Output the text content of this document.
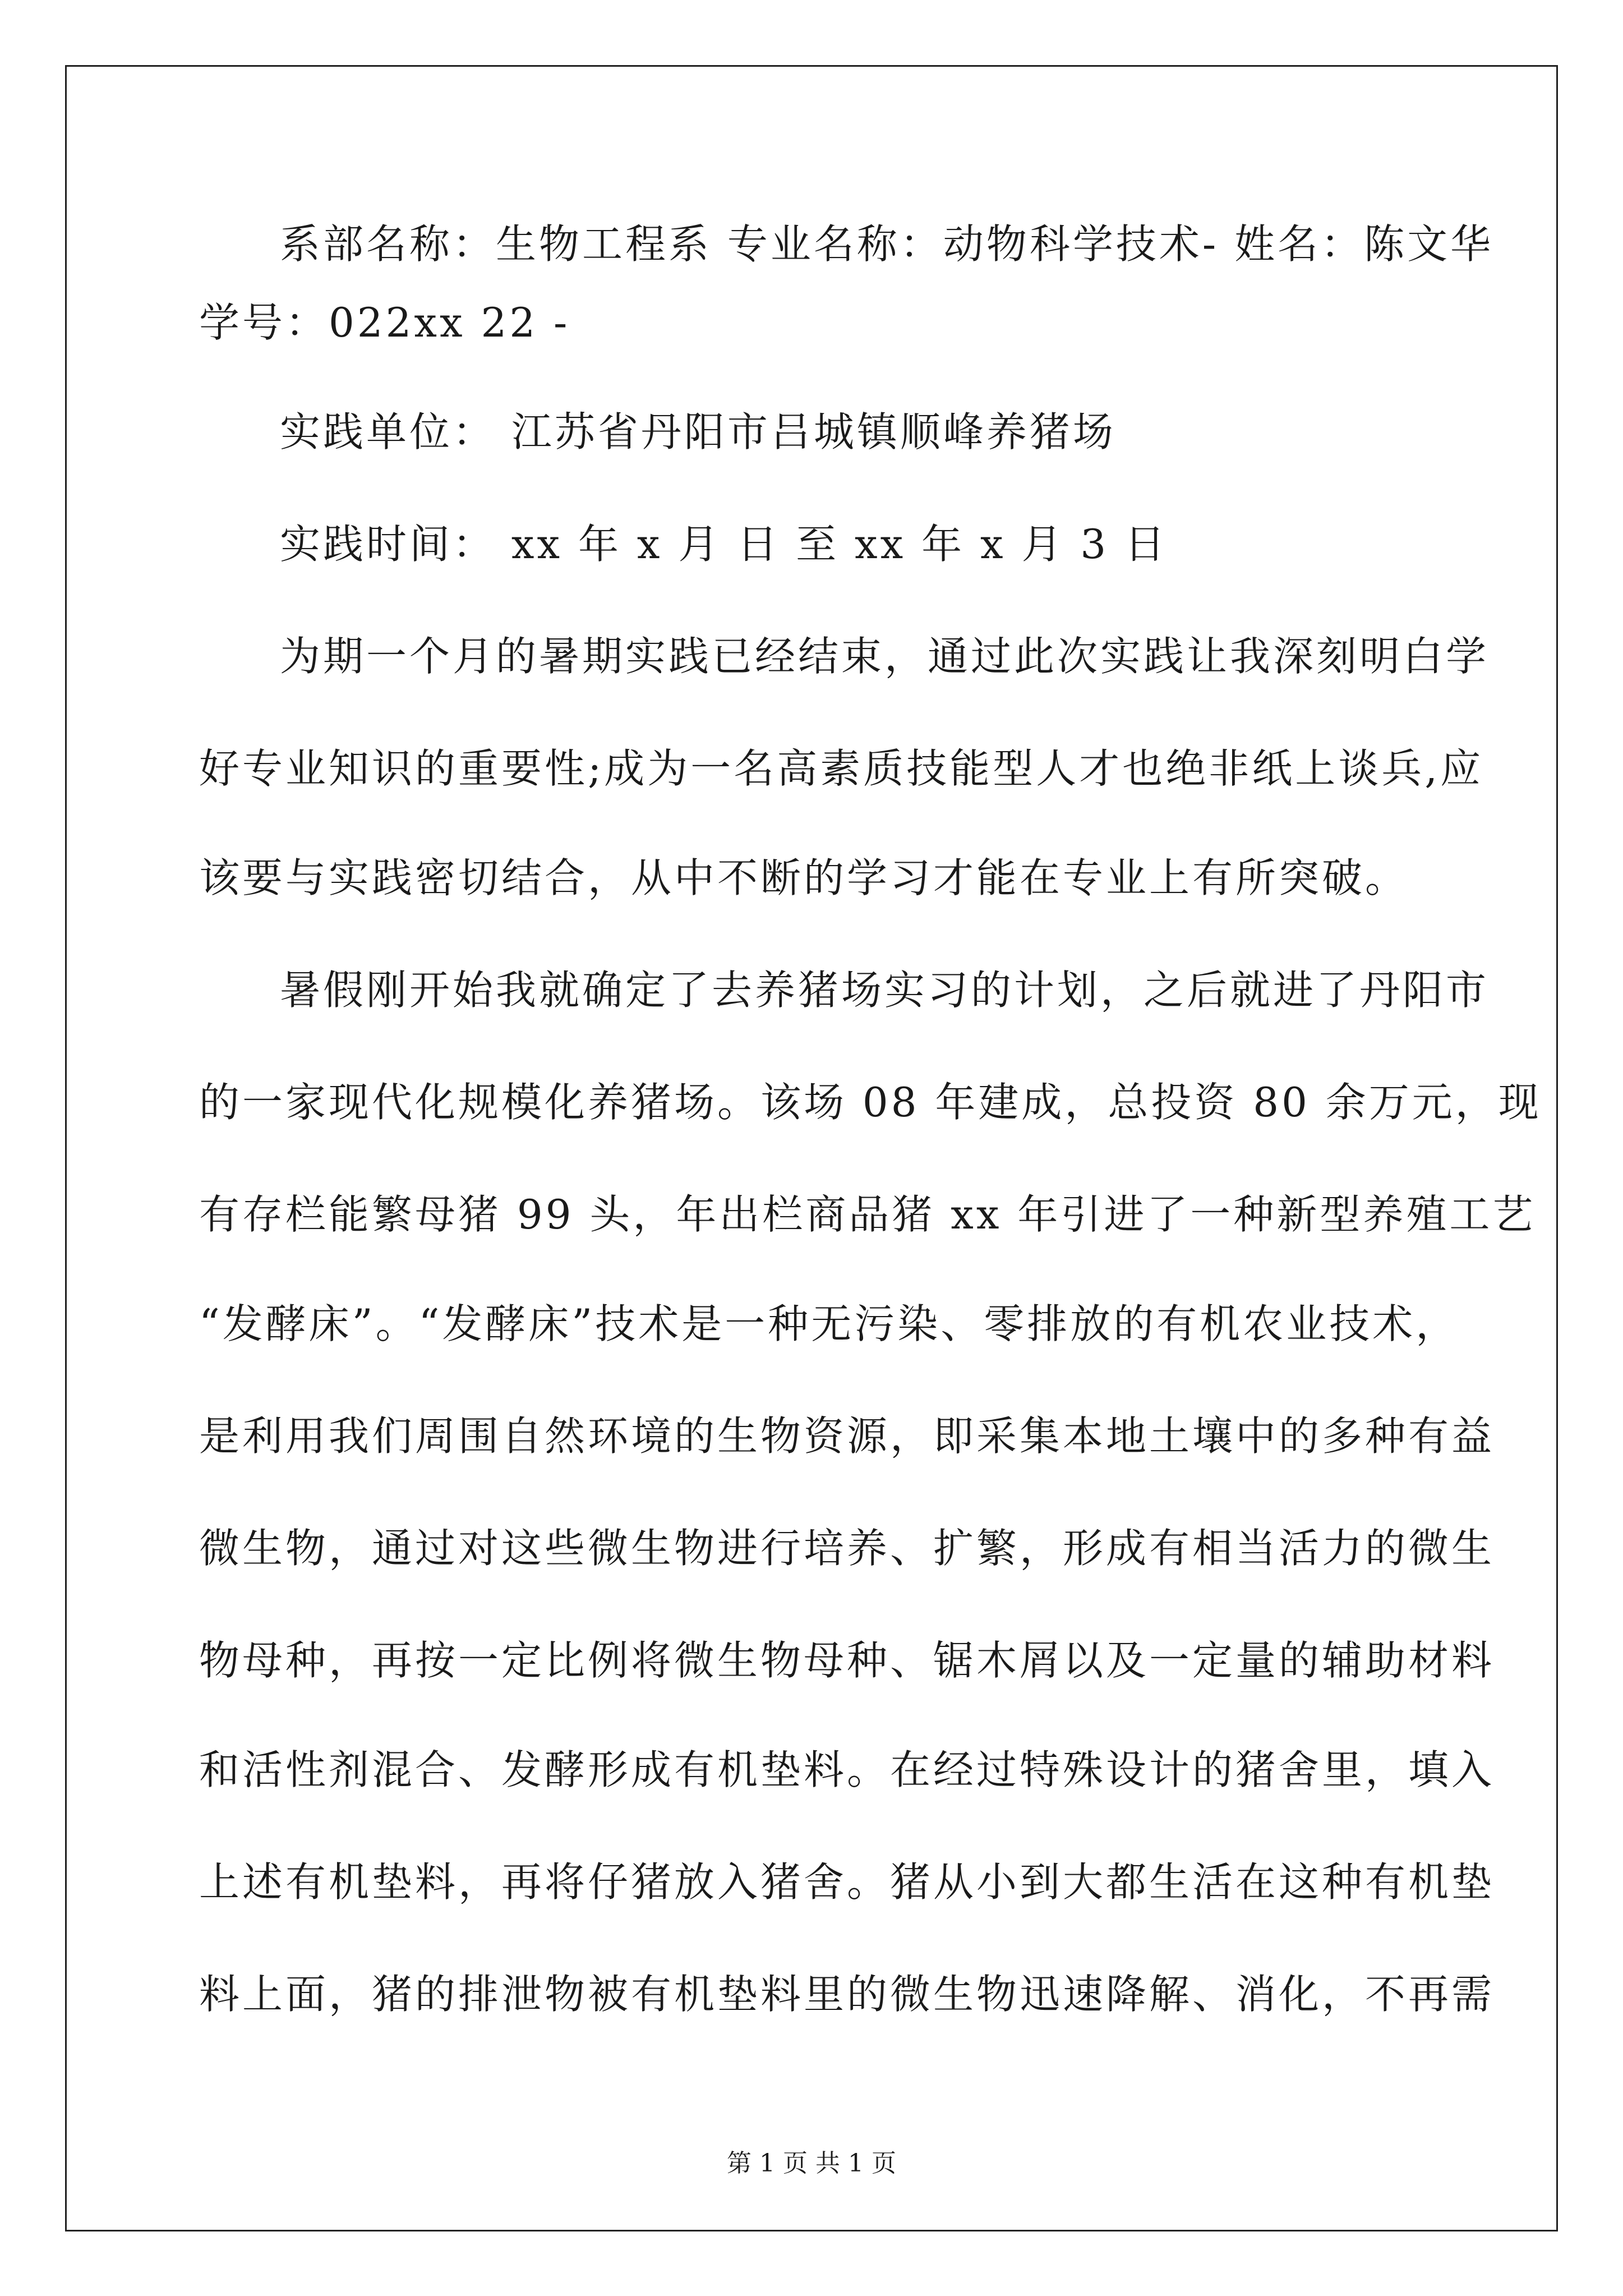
系部名称：生物工程系 专业名称：动物科学技术- 姓名：陈文华
学号：022xx 22 -
实践单位： 江苏省丹阳市吕城镇顺峰养猪场
实践时间： xx 年 x 月 日 至 xx 年 x 月 3 日
为期一个月的暑期实践已经结束，通过此次实践让我深刻明白学
好专业知识的重要性;成为一名高素质技能型人才也绝非纸上谈兵,应
该要与实践密切结合，从中不断的学习才能在专业上有所突破。
暑假刚开始我就确定了去养猪场实习的计划，之后就进了丹阳市
的一家现代化规模化养猪场。该场 08 年建成，总投资 80 余万元，现
有存栏能繁母猪 99 头，年出栏商品猪 xx 年引进了一种新型养殖工艺
“发酵床”。“发酵床”技术是一种无污染、零排放的有机农业技术，
是利用我们周围自然环境的生物资源，即采集本地土壤中的多种有益
微生物，通过对这些微生物进行培养、扩繁，形成有相当活力的微生
物母种，再按一定比例将微生物母种、锯木屑以及一定量的辅助材料
和活性剂混合、发酵形成有机垫料。在经过特殊设计的猪舍里，填入
上述有机垫料，再将仔猪放入猪舍。猪从小到大都生活在这种有机垫
料上面，猪的排泄物被有机垫料里的微生物迅速降解、消化，不再需
第 1 页 共 1 页
